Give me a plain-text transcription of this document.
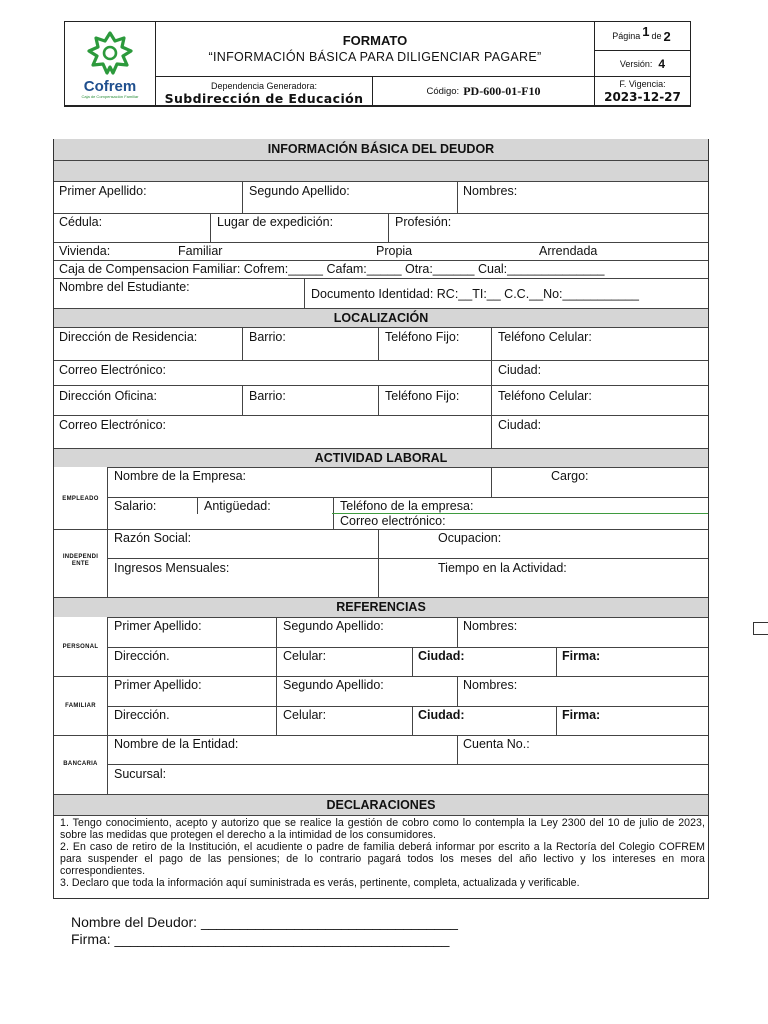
Cofrem
Caja de Compensación Familiar
FORMATO
“INFORMACIÓN BÁSICA PARA DILIGENCIAR PAGARE”
Dependencia Generadora:
Subdirección de Educación	Código: PD-600-01-F10
Página 1 de 2
Versión: 4
F. Vigencia:
2023-12-27
INFORMACIÓN BÁSICA DEL DEUDOR
Primer Apellido:	Segundo Apellido:	Nombres:
Cédula:	Lugar de expedición:	Profesión:
Vivienda:	Familiar	Propia	Arrendada
Caja de Compensacion Familiar: Cofrem:_____ Cafam:_____ Otra:______ Cual:______________
Nombre del Estudiante:	Documento Identidad: RC:__TI:__ C.C.__No:___________
LOCALIZACIÓN
Dirección de Residencia:	Barrio:	Teléfono Fijo:	Teléfono Celular:
Correo Electrónico:	Ciudad:
Dirección Oficina:	Barrio:	Teléfono Fijo:	Teléfono Celular:
Correo Electrónico:	Ciudad:
ACTIVIDAD LABORAL
EMPLEADO
Nombre de la Empresa:	Cargo:
Salario:	Antigüedad:	Teléfono de la empresa:
Correo electrónico:
INDEPENDI
ENTE
Razón Social:	Ocupacion:
Ingresos Mensuales:	Tiempo en la Actividad:
REFERENCIAS
PERSONAL
Primer Apellido:	Segundo Apellido:	Nombres:
Dirección.	Celular:	Ciudad:	Firma:
FAMILIAR
Primer Apellido:	Segundo Apellido:	Nombres:
Dirección.	Celular:	Ciudad:	Firma:
BANCARIA
Nombre de la Entidad:	Cuenta No.:
Sucursal:
DECLARACIONES

1. Tengo conocimiento, acepto y autorizo que se realice la gestión de cobro como lo contempla la Ley 2300 del 10 de julio de 2023, sobre las medidas que protegen el derecho a la intimidad de los consumidores.

2. En caso de retiro de la Institución, el acudiente o padre de familia deberá informar por escrito a la Rectoría del Colegio COFREM para suspender el pago de las pensiones; de lo contrario pagará todos los meses del año lectivo y los intereses en mora correspondientes.

3. Declaro que toda la información aquí suministrada es verás, pertinente, completa, actualizada y verificable.

Nombre del Deudor: _________________________________
Firma: ___________________________________________
